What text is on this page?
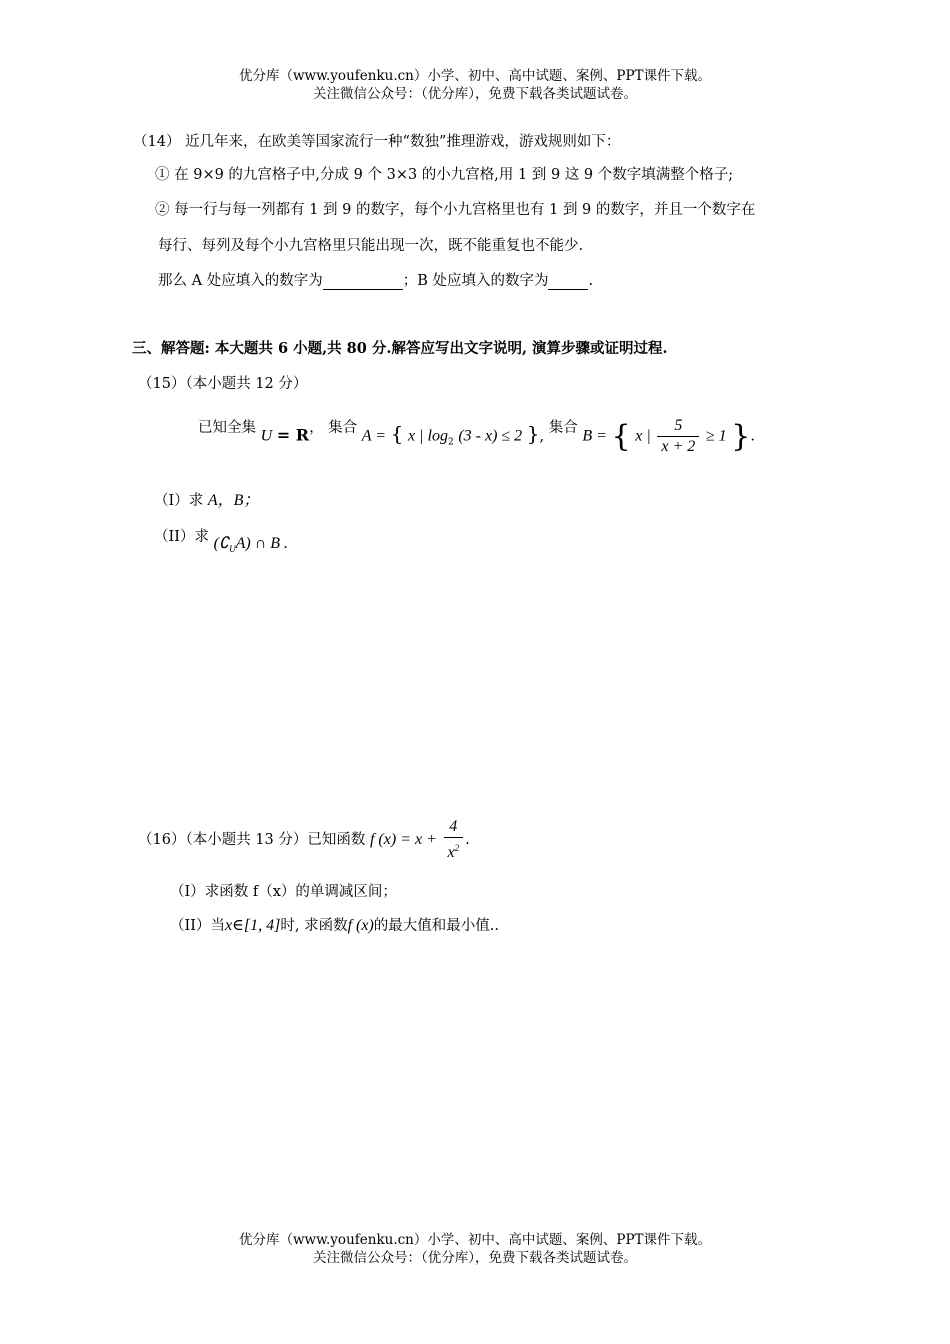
优分库（www.youfenku.cn）小学、初中、高中试题、案例、PPT课件下载。
关注微信公众号：（优分库），免费下载各类试题试卷。
（14） 近几年来，在欧美等国家流行一种“数独”推理游戏，游戏规则如下：
① 在 9×9 的九宫格子中,分成 9 个 3×3 的小九宫格,用 1 到 9 这 9 个数字填满整个格子;
② 每一行与每一列都有 1 到 9 的数字，每个小九宫格里也有 1 到 9 的数字，并且一个数字在
每行、每列及每个小九宫格里只能出现一次，既不能重复也不能少.
那么 A 处应填入的数字为	；B 处应填入的数字为	.
三、解答题: 本大题共 6 小题,共 80 分.解答应写出文字说明, 演算步骤或证明过程.
（15）（本小题共 12 分）
已知全集 U = R， 集合 A = { x | $\log_2 (3 - x) \le 2$ }, 集合 B = { x | $\frac{5}{x + 2} \ge 1$ }.
（I）求 A，B；
（II）求 $(∁_UA)$ ∩ B .
（16）（本小题共 13 分）已知函数 f $(x) = x + \frac{4}{x^2}$ .
（I）求函数 f（x）的单调减区间；
（II）当x∈[1, 4]时, 求函数f (x)的最大值和最小值..
优分库（www.youfenku.cn）小学、初中、高中试题、案例、PPT课件下载。
关注微信公众号：（优分库），免费下载各类试题试卷。
